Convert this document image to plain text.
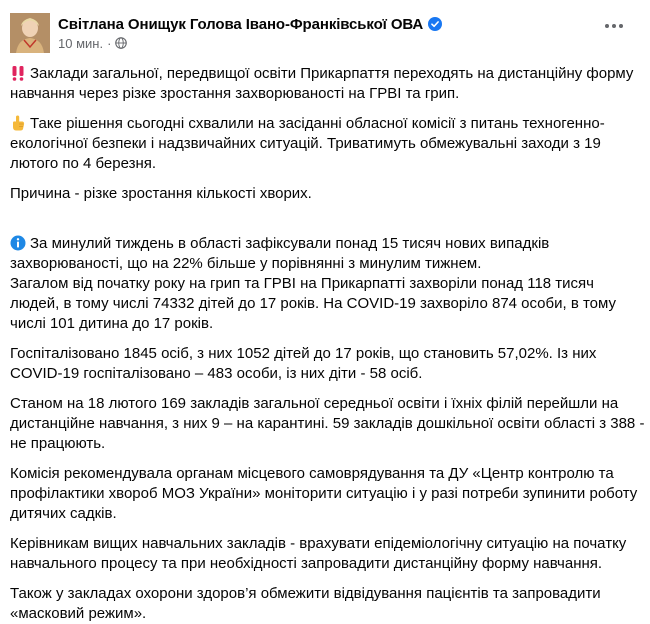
Світлана Онищук Голова Івано-Франківської ОВА
10 мин. ·

Заклади загальної, передвищої освіти Прикарпаття переходять на дистанційну форму навчання через різке зростання захворюваності на ГРВІ та грип.

Таке рішення сьогодні схвалили на засіданні обласної комісії з питань техногенно-екологічної безпеки і надзвичайних ситуацій. Триватимуть обмежувальні заходи з 19 лютого по 4 березня.

Причина - різке зростання кількості хворих.

За минулий тиждень в області зафіксували понад 15 тисяч нових випадків захворюваності, що на 22% більше у порівнянні з минулим тижнем.
Загалом від початку року на грип та ГРВІ на Прикарпатті захворіли понад 118 тисяч людей, в тому числі 74332 дітей до 17 років. На COVID-19 захворіло 874 особи, в тому числі 101 дитина до 17 років.

Госпіталізовано 1845 осіб, з них 1052 дітей до 17 років, що становить 57,02%. Із них COVID-19 госпіталізовано – 483 особи, із них діти - 58 осіб.

Станом на 18 лютого 169 закладів загальної середньої освіти і їхніх філій перейшли на дистанційне навчання, з них 9 – на карантині. 59 закладів дошкільної освіти області з 388 - не працюють.

Комісія рекомендувала органам місцевого самоврядування та ДУ «Центр контролю та профілактики хвороб МОЗ України» моніторити ситуацію і у разі потреби зупинити роботу дитячих садків.

Керівникам вищих навчальних закладів - врахувати епідеміологічну ситуацію на початку навчального процесу та при необхідності запровадити дистанційну форму навчання.

Також у закладах охорони здоров’я обмежити відвідування пацієнтів та запровадити «масковий режим».
